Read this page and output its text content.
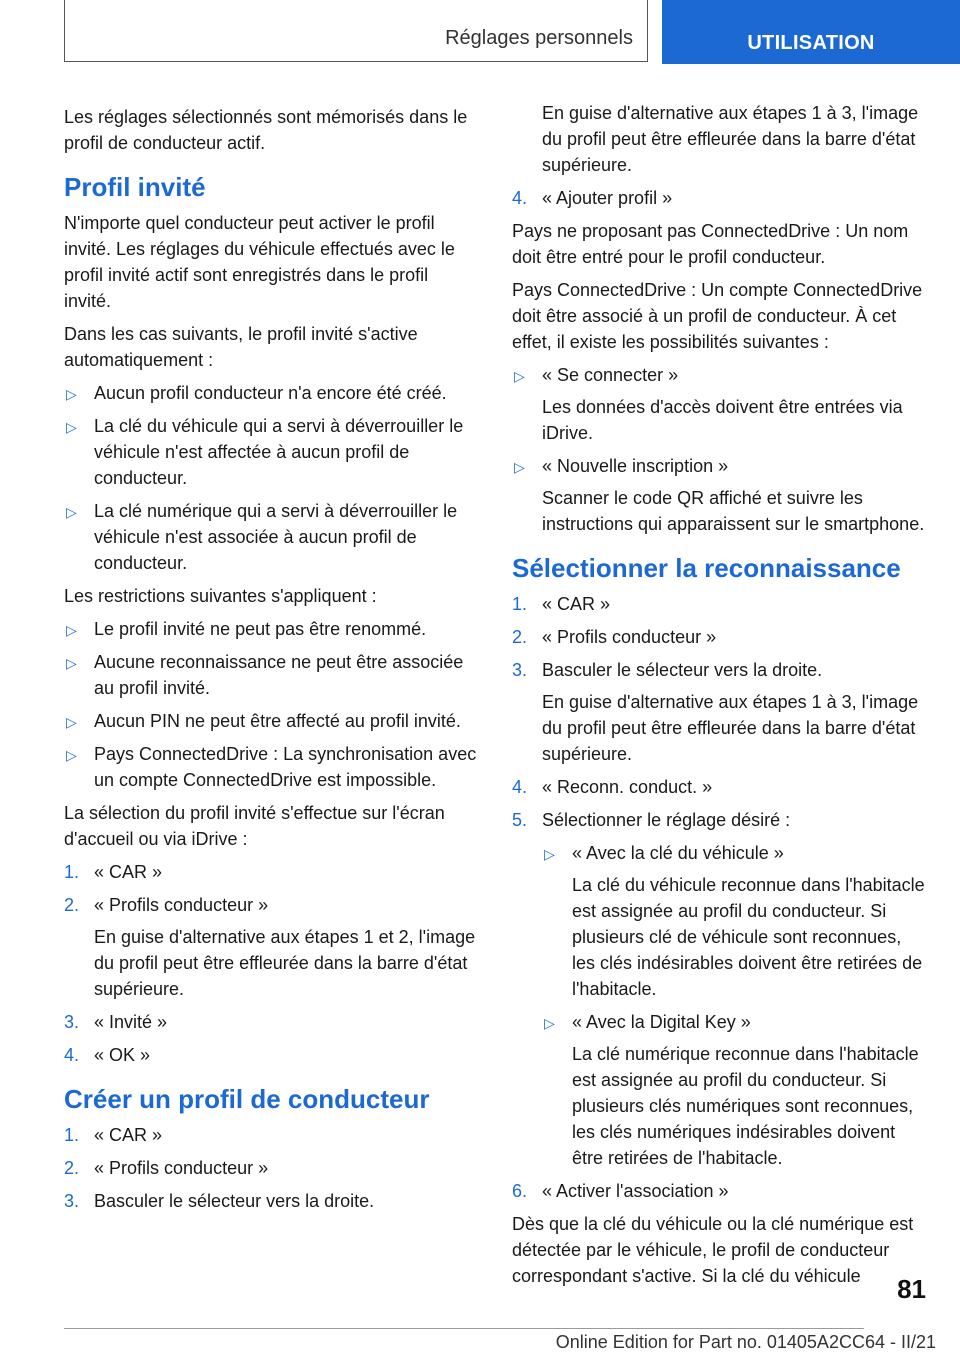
Réglages personnels	UTILISATION

Les réglages sélectionnés sont mémorisés dans le profil de conducteur actif.

Profil invité

N'importe quel conducteur peut activer le profil invité. Les réglages du véhicule effectués avec le profil invité actif sont enregistrés dans le profil invité.

Dans les cas suivants, le profil invité s'active automatiquement :

▷ Aucun profil conducteur n'a encore été créé.
▷ La clé du véhicule qui a servi à déverrouiller le véhicule n'est affectée à aucun profil de conducteur.
▷ La clé numérique qui a servi à déverrouiller le véhicule n'est associée à aucun profil de conducteur.

Les restrictions suivantes s'appliquent :

▷ Le profil invité ne peut pas être renommé.
▷ Aucune reconnaissance ne peut être associée au profil invité.
▷ Aucun PIN ne peut être affecté au profil invité.
▷ Pays ConnectedDrive : La synchronisation avec un compte ConnectedDrive est impossible.

La sélection du profil invité s'effectue sur l'écran d'accueil ou via iDrive :

1. « CAR »
2. « Profils conducteur »
En guise d'alternative aux étapes 1 et 2, l'image du profil peut être effleurée dans la barre d'état supérieure.
3. « Invité »
4. « OK »
Créer un profil de conducteur
1. « CAR »
2. « Profils conducteur »
3. Basculer le sélecteur vers la droite.

En guise d'alternative aux étapes 1 à 3, l'image du profil peut être effleurée dans la barre d'état supérieure.

4. « Ajouter profil »

Pays ne proposant pas ConnectedDrive : Un nom doit être entré pour le profil conducteur.

Pays ConnectedDrive : Un compte ConnectedDrive doit être associé à un profil de conducteur. À cet effet, il existe les possibilités suivantes :

▷ « Se connecter »
Les données d'accès doivent être entrées via iDrive.
▷ « Nouvelle inscription »
Scanner le code QR affiché et suivre les instructions qui apparaissent sur le smartphone.
Sélectionner la reconnaissance
1. « CAR »
2. « Profils conducteur »
3. Basculer le sélecteur vers la droite.
En guise d'alternative aux étapes 1 à 3, l'image du profil peut être effleurée dans la barre d'état supérieure.
4. « Reconn. conduct. »
5. Sélectionner le réglage désiré :
▷ « Avec la clé du véhicule »
La clé du véhicule reconnue dans l'habitacle est assignée au profil du conducteur. Si plusieurs clé de véhicule sont reconnues, les clés indésirables doivent être retirées de l'habitacle.
▷ « Avec la Digital Key »
La clé numérique reconnue dans l'habitacle est assignée au profil du conducteur. Si plusieurs clés numériques sont reconnues, les clés numériques indésirables doivent être retirées de l'habitacle.
6. « Activer l'association »

Dès que la clé du véhicule ou la clé numérique est détectée par le véhicule, le profil de conducteur correspondant s'active. Si la clé du véhicule	81
Online Edition for Part no. 01405A2CC64 - II/21
